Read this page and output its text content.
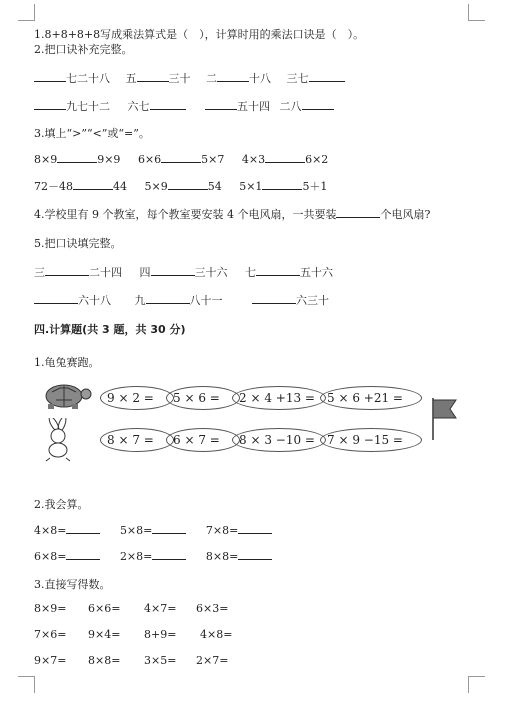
1.8+8+8+8写成乘法算式是（　），计算时用的乘法口诀是（　）。
2.把口诀补充完整。
七二十八 五	三十 二	十八 三七
九七十二 六七	五十四 二八
3.填上“>”“<”或“=”。
8×9	9×9 6×6	5×7 4×3	6×2
72－48	44 5×9	54 5×1	5＋1
4.学校里有 9 个教室，每个教室要安装 4 个电风扇，一共要装	个电风扇?
5.把口诀填完整。
三	二十四 四	三十六 七	五十六
六十八 九	八十一	六三十
四.计算题(共 3 题，共 30 分)
1.龟兔赛跑。
9 × 2 = 5 × 6 = 2 × 4 +13 = 5 × 6 +21 =
8 × 7 = 6 × 7 = 8 × 3 −10 = 7 × 9 −15 =
2.我会算。
4×8=	5×8=	7×8=
6×8=	2×8=	8×8=
3.直接写得数。
8×9= 6×6= 4×7= 6×3=
7×6= 9×4= 8+9= 4×8=
9×7= 8×8= 3×5= 2×7=
